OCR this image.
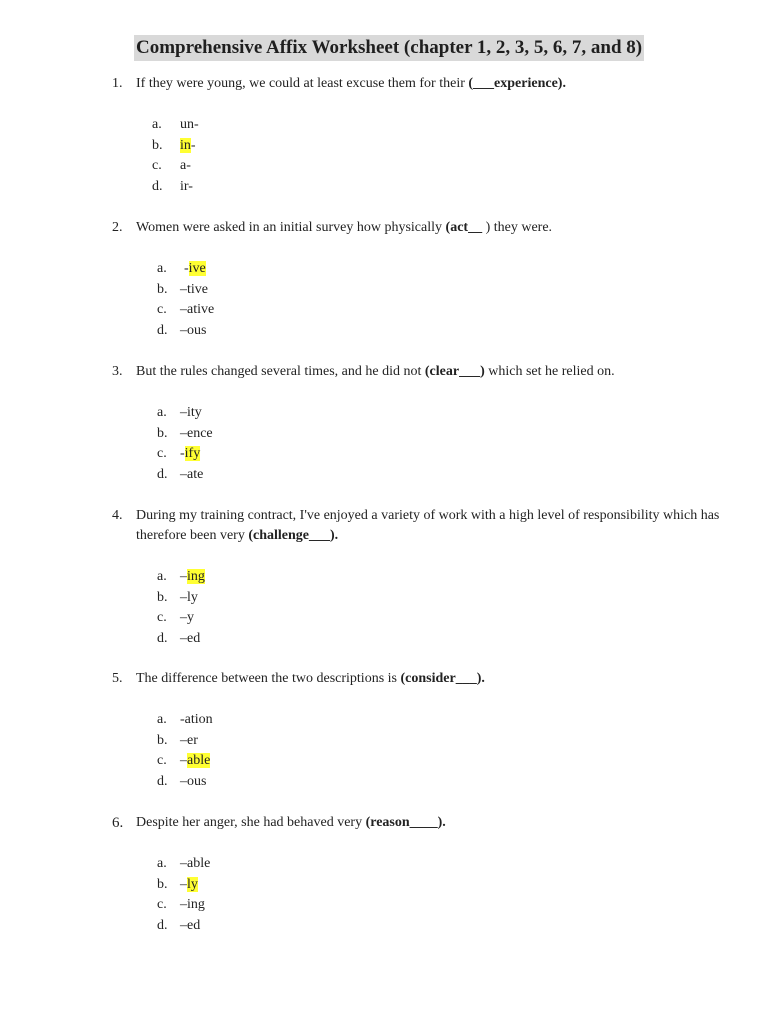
Comprehensive Affix Worksheet (chapter 1, 2, 3, 5, 6, 7, and 8)
1. If they were young, we could at least excuse them for their (___experience).
a. un-
b. in-
c. a-
d. ir-
2. Women were asked in an initial survey how physically (act__ ) they were.
a. -ive
b. –tive
c. –ative
d. –ous
3. But the rules changed several times, and he did not (clear___) which set he relied on.
a. –ity
b. –ence
c. -ify
d. –ate
4. During my training contract, I've enjoyed a variety of work with a high level of responsibility which has therefore been very (challenge___).
a. –ing
b. –ly
c. –y
d. –ed
5. The difference between the two descriptions is (consider___).
a. -ation
b. –er
c. –able
d. –ous
6. Despite her anger, she had behaved very (reason____).
a. –able
b. –ly
c. –ing
d. –ed
